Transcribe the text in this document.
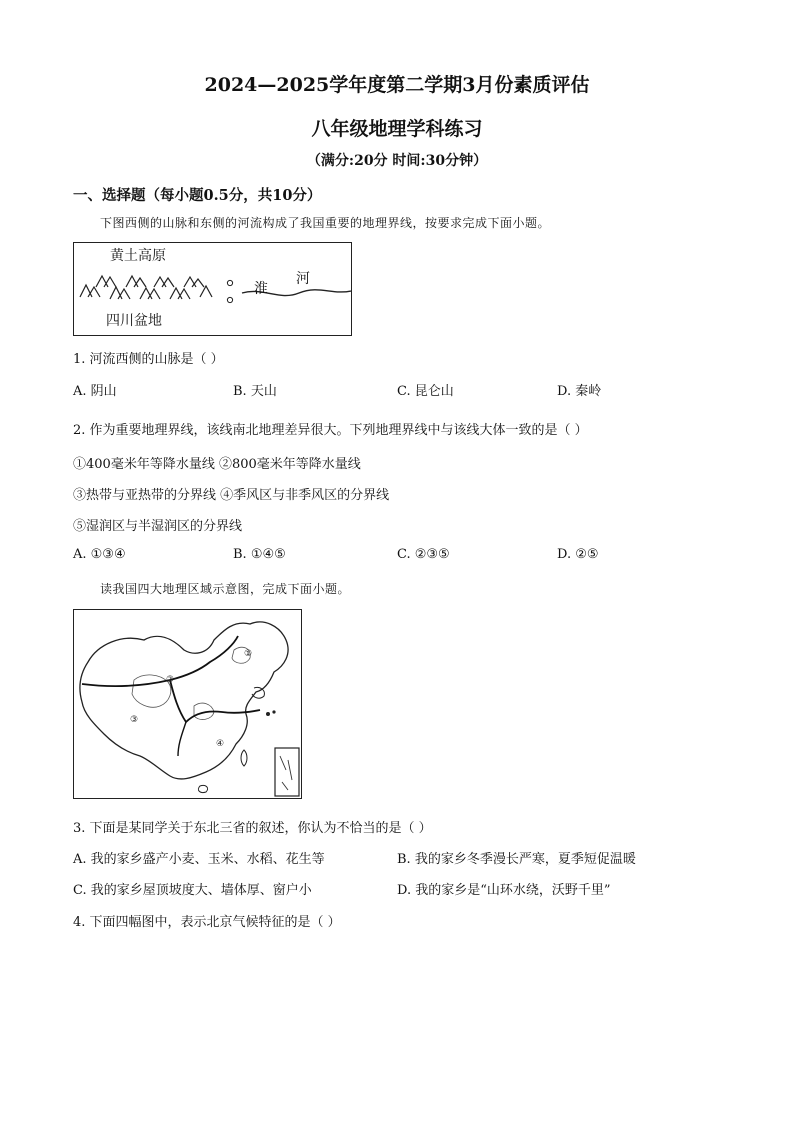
2024—2025学年度第二学期3月份素质评估
八年级地理学科练习
（满分:20分 时间:30分钟）
一、选择题（每小题0.5分，共10分）
下图西侧的山脉和东侧的河流构成了我国重要的地理界线，按要求完成下面小题。
黄土高原
四川盆地
淮
河
1. 河流西侧的山脉是（ ）
A. 阴山	B. 天山	C. 昆仑山	D. 秦岭
2. 作为重要地理界线，该线南北地理差异很大。下列地理界线中与该线大体一致的是（ ）
①400毫米年等降水量线 ②800毫米年等降水量线
③热带与亚热带的分界线 ④季风区与非季风区的分界线
⑤湿润区与半湿润区的分界线
A. ①③④	B. ①④⑤	C. ②③⑤	D. ②⑤
读我国四大地理区域示意图，完成下面小题。
①
②
③
④
3. 下面是某同学关于东北三省的叙述，你认为不恰当的是（ ）
A. 我的家乡盛产小麦、玉米、水稻、花生等	B. 我的家乡冬季漫长严寒，夏季短促温暖
C. 我的家乡屋顶坡度大、墙体厚、窗户小	D. 我的家乡是“山环水绕，沃野千里”
4. 下面四幅图中，表示北京气候特征的是（ ）
